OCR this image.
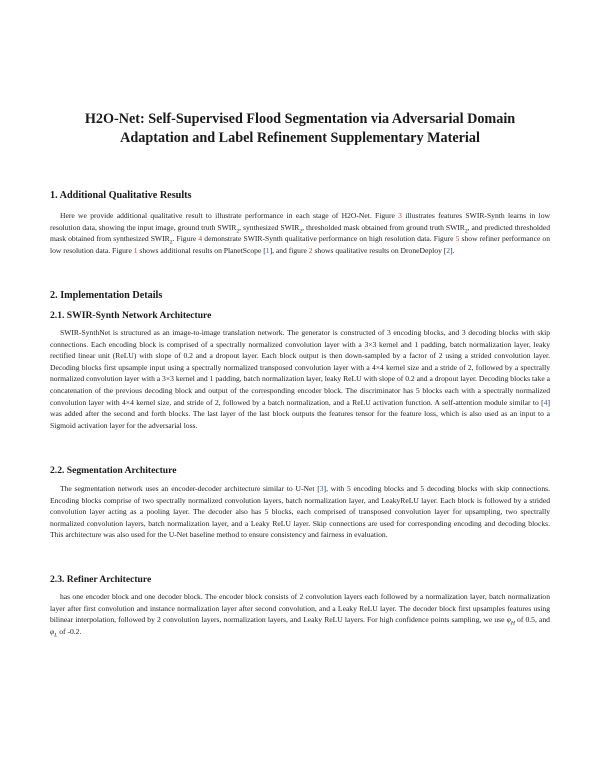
H2O-Net: Self-Supervised Flood Segmentation via Adversarial Domain
Adaptation and Label Refinement Supplementary Material
1. Additional Qualitative Results

Here we provide additional qualitative result to illustrate performance in each stage of H2O-Net. Figure 3 illustrates features SWIR-Synth learns in low resolution data, showing the input image, ground truth $SWIR_2$, synthesized $SWIR_2$, thresholded mask obtained from ground truth $SWIR_2$, and predicted thresholded mask obtained from synthesized $SWIR_2$. Figure 4 demonstrate SWIR-Synth qualitative performance on high resolution data. Figure 5 show refiner performance on low resolution data. Figure 1 shows additional results on PlanetScope [1], and figure 2 shows qualitative results on DroneDeploy [2].

2. Implementation Details
2.1. SWIR-Synth Network Architecture

SWIR-SynthNet is structured as an image-to-image translation network. The generator is constructed of 3 encoding blocks, and 3 decoding blocks with skip connections. Each encoding block is comprised of a spectrally normalized convolution layer with a 3×3 kernel and 1 padding, batch normalization layer, leaky rectified linear unit (ReLU) with slope of 0.2 and a dropout layer. Each block output is then down-sampled by a factor of 2 using a strided convolution layer. Decoding blocks first upsample input using a spectrally normalized transposed convolution layer with a 4×4 kernel size and a stride of 2, followed by a spectrally normalized convolution layer with a 3×3 kernel and 1 padding, batch normalization layer, leaky ReLU with slope of 0.2 and a dropout layer. Decoding blocks take a concatenation of the previous decoding block and output of the corresponding encoder block. The discriminator has 5 blocks each with a spectrally normalized convolution layer with 4×4 kernel size, and stride of 2, followed by a batch normalization, and a ReLU activation function. A self-attention module similar to [4] was added after the second and forth blocks. The last layer of the last block outputs the features tensor for the feature loss, which is also used as an input to a Sigmoid activation layer for the adversarial loss.

2.2. Segmentation Architecture

The segmentation network uses an encoder-decoder architecture similar to U-Net [3], with 5 encoding blocks and 5 decoding blocks with skip connections. Encoding blocks comprise of two spectrally normalized convolution layers, batch normalization layer, and LeakyReLU layer. Each block is followed by a strided convolution layer acting as a pooling layer. The decoder also has 5 blocks, each comprised of transposed convolution layer for upsampling, two spectrally normalized convolution layers, batch normalization layer, and a Leaky ReLU layer. Skip connections are used for corresponding encoding and decoding blocks. This architecture was also used for the U-Net baseline method to ensure consistency and fairness in evaluation.

2.3. Refiner Architecture

has one encoder block and one decoder block. The encoder block consists of 2 convolution layers each followed by a normalization layer, batch normalization layer after first convolution and instance normalization layer after second convolution, and a Leaky ReLU layer. The decoder block first upsamples features using bilinear interpolation, followed by 2 convolution layers, normalization layers, and Leaky ReLU layers. For high confidence points sampling, we use $\varphi_H$ of 0.5, and $\varphi_L$ of -0.2.
